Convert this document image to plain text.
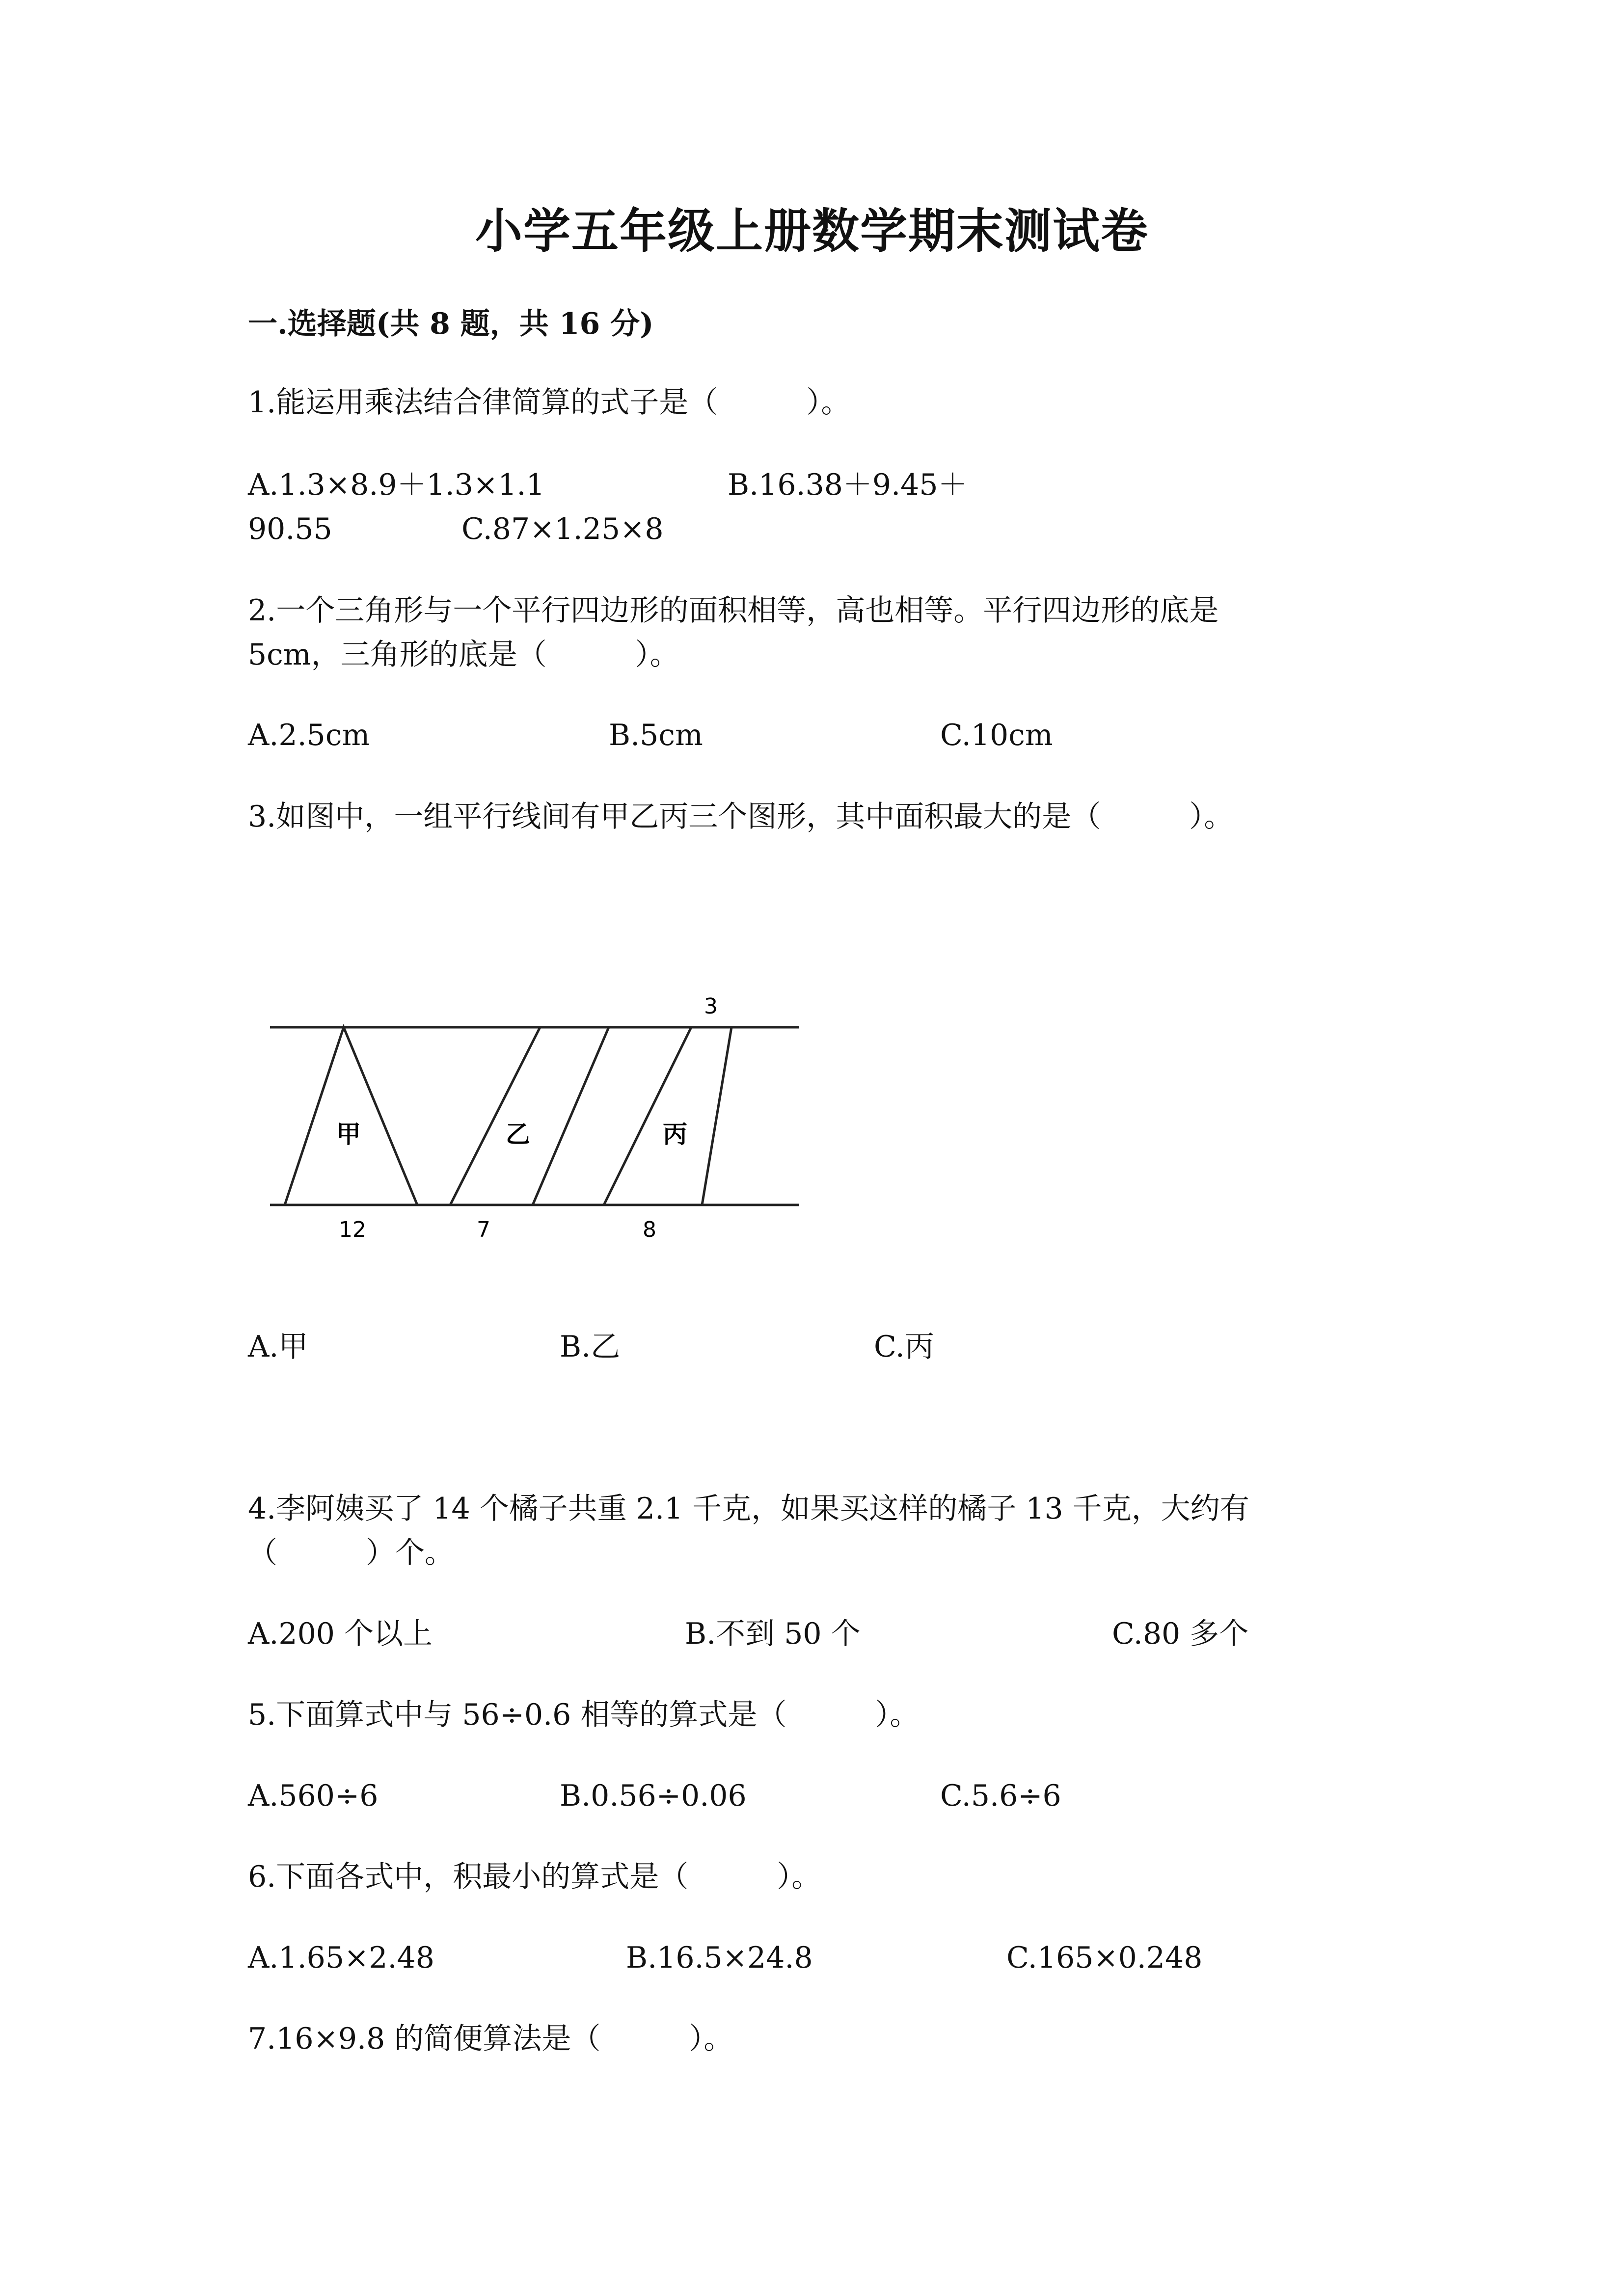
小学五年级上册数学期末测试卷
一.选择题(共 8 题，共 16 分)
1.能运用乘法结合律简算的式子是（　　　）。
A.1.3×8.9＋1.3×1.1	B.16.38＋9.45＋
90.55	C.87×1.25×8
2.一个三角形与一个平行四边形的面积相等，高也相等。平行四边形的底是
5cm，三角形的底是（　　　）。
A.2.5cm	B.5cm	C.10cm
3.如图中，一组平行线间有甲乙丙三个图形，其中面积最大的是（　　　）。
甲	乙	丙
3
12	7	8
A.甲	B.乙	C.丙
4.李阿姨买了 14 个橘子共重 2.1 千克，如果买这样的橘子 13 千克，大约有
（　　　）个。
A.200 个以上	B.不到 50 个	C.80 多个
5.下面算式中与 56÷0.6 相等的算式是（　　　）。
A.560÷6	B.0.56÷0.06	C.5.6÷6
6.下面各式中，积最小的算式是（　　　）。
A.1.65×2.48	B.16.5×24.8	C.165×0.248
7.16×9.8 的简便算法是（　　　）。
